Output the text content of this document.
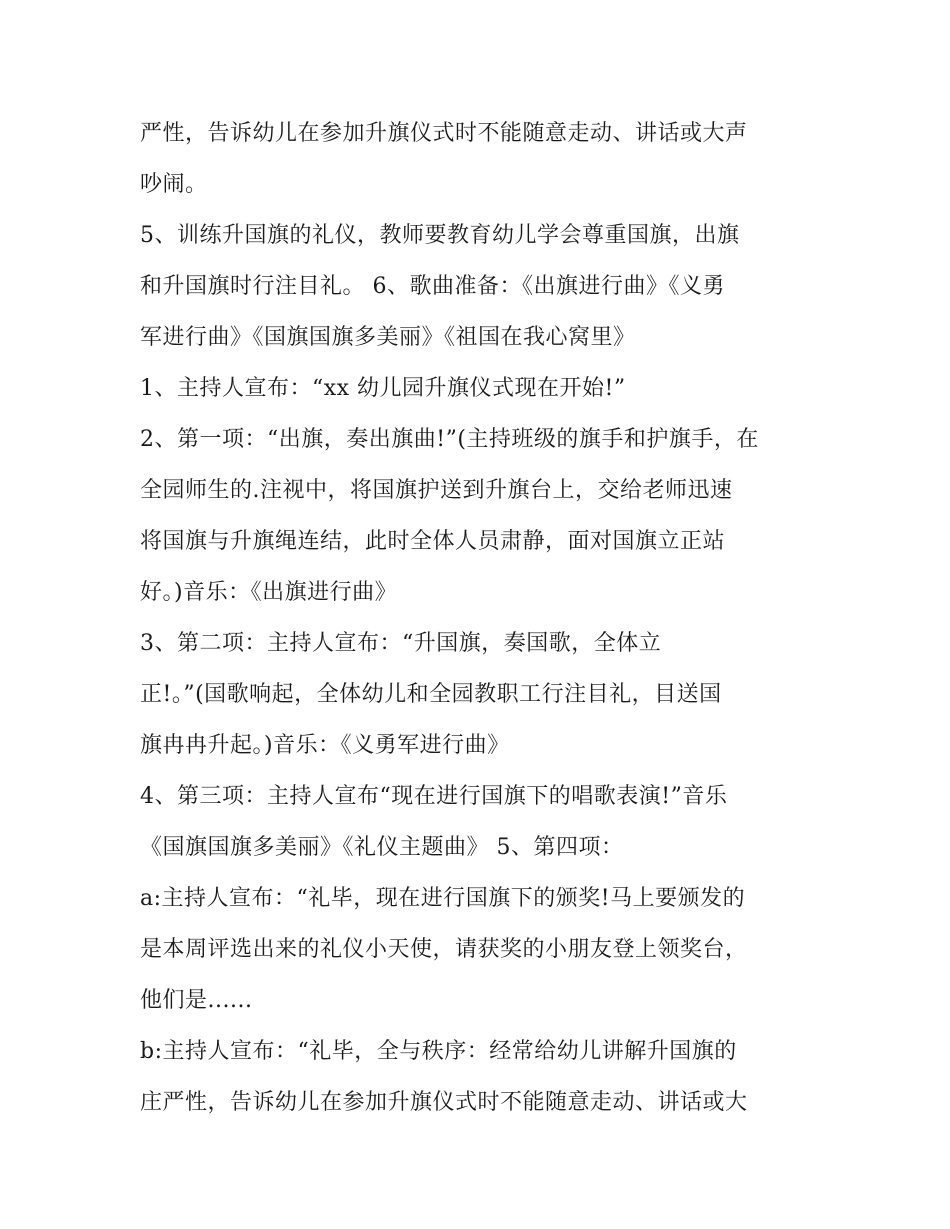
严性，告诉幼儿在参加升旗仪式时不能随意走动、讲话或大声
吵闹。
5、训练升国旗的礼仪，教师要教育幼儿学会尊重国旗，出旗
和升国旗时行注目礼。 6、歌曲准备：《出旗进行曲》《义勇
军进行曲》《国旗国旗多美丽》《祖国在我心窝里》
1、主持人宣布：“xx 幼儿园升旗仪式现在开始!”
2、第一项：“出旗，奏出旗曲!”(主持班级的旗手和护旗手，在
全园师生的.注视中，将国旗护送到升旗台上，交给老师迅速
将国旗与升旗绳连结，此时全体人员肃静，面对国旗立正站
好。)音乐：《出旗进行曲》
3、第二项：主持人宣布：“升国旗，奏国歌，全体立
正!。”(国歌响起，全体幼儿和全园教职工行注目礼，目送国
旗冉冉升起。)音乐：《义勇军进行曲》
4、第三项：主持人宣布“现在进行国旗下的唱歌表演!”音乐
《国旗国旗多美丽》《礼仪主题曲》 5、第四项：
a:主持人宣布：“礼毕，现在进行国旗下的颁奖!马上要颁发的
是本周评选出来的礼仪小天使，请获奖的小朋友登上领奖台，
他们是......
b:主持人宣布：“礼毕，全与秩序：经常给幼儿讲解升国旗的
庄严性，告诉幼儿在参加升旗仪式时不能随意走动、讲话或大
